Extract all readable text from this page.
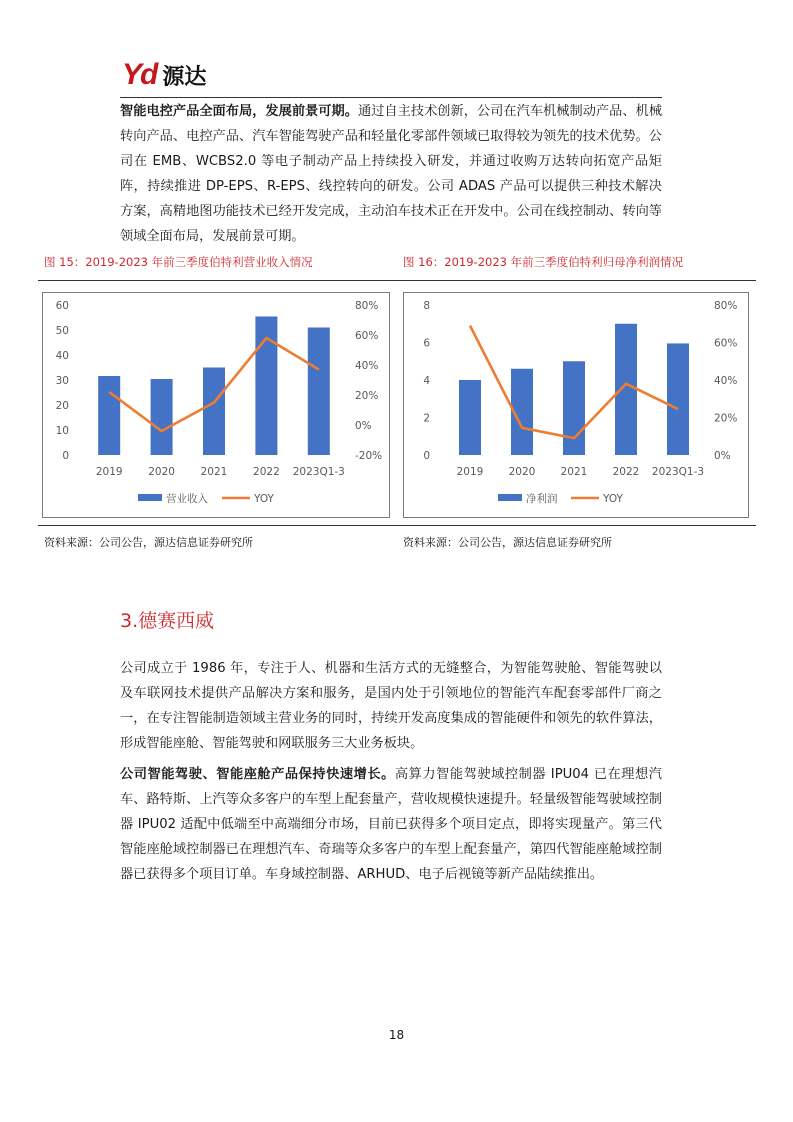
Yd 源达

智能电控产品全面布局，发展前景可期。通过自主技术创新，公司在汽车机械制动产品、机械转向产品、电控产品、汽车智能驾驶产品和轻量化零部件领域已取得较为领先的技术优势。公司在 EMB、WCBS2.0 等电子制动产品上持续投入研发，并通过收购万达转向拓宽产品矩阵，持续推进 DP-EPS、R-EPS、线控转向的研发。公司 ADAS 产品可以提供三种技术解决方案，高精地图功能技术已经开发完成，主动泊车技术正在开发中。公司在线控制动、转向等领域全面布局，发展前景可期。

图 15：2019-2023 年前三季度伯特利营业收入情况	图 16：2019-2023 年前三季度伯特利归母净利润情况
0
10
20
30
40
50
60
-20%
0%
20%
40%
60%
80%
2019 2020 2021 2022 2023Q1-3
营业收入	YOY
0
2
4
6
8
0%
20%
40%
60%
80%
2019 2020 2021 2022 2023Q1-3
净利润	YOY
资料来源：公司公告，源达信息证券研究所	资料来源：公司公告，源达信息证券研究所
3.德赛西威

公司成立于 1986 年，专注于人、机器和生活方式的无缝整合，为智能驾驶舱、智能驾驶以及车联网技术提供产品解决方案和服务，是国内处于引领地位的智能汽车配套零部件厂商之一，在专注智能制造领域主营业务的同时，持续开发高度集成的智能硬件和领先的软件算法，形成智能座舱、智能驾驶和网联服务三大业务板块。

公司智能驾驶、智能座舱产品保持快速增长。高算力智能驾驶域控制器 IPU04 已在理想汽车、路特斯、上汽等众多客户的车型上配套量产，营收规模快速提升。轻量级智能驾驶域控制器 IPU02 适配中低端至中高端细分市场，目前已获得多个项目定点，即将实现量产。第三代智能座舱域控制器已在理想汽车、奇瑞等众多客户的车型上配套量产，第四代智能座舱域控制器已获得多个项目订单。车身域控制器、ARHUD、电子后视镜等新产品陆续推出。

18
